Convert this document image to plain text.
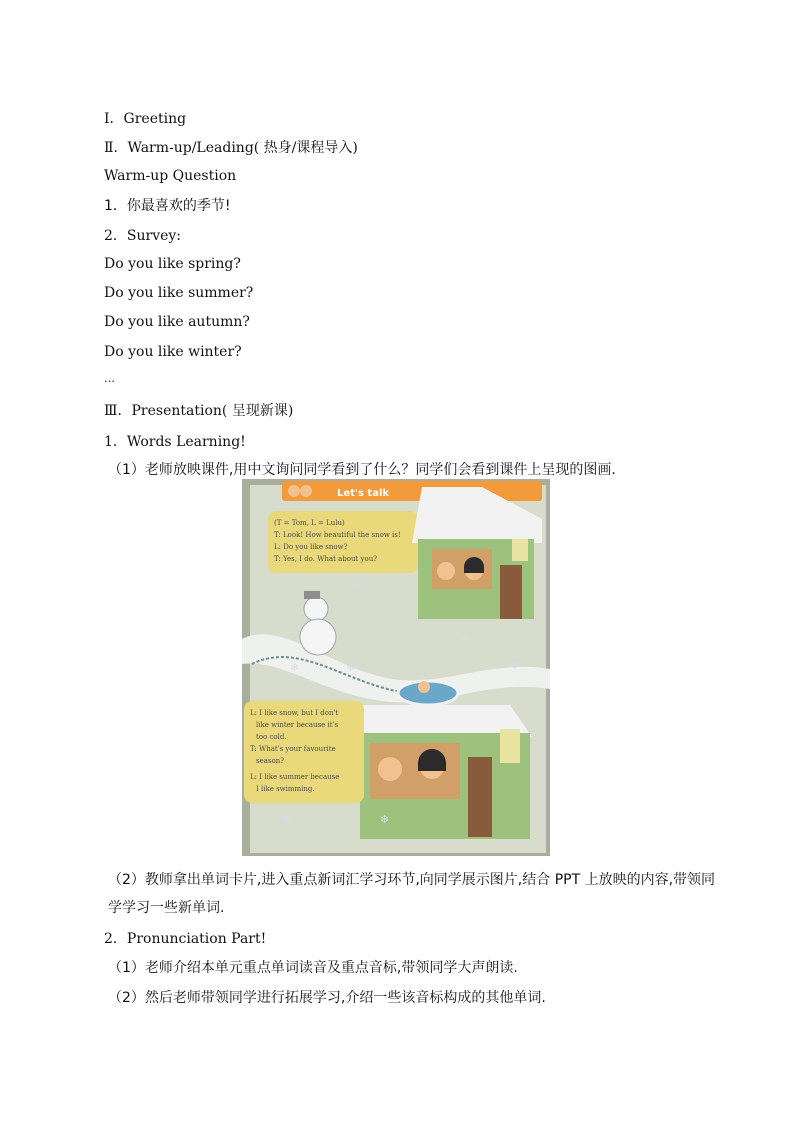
Ⅰ．Greeting
Ⅱ．Warm-up/Leading( 热身/课程导入)
Warm-up Question
1．你最喜欢的季节!
2．Survey:
Do you like spring?
Do you like summer?
Do you like autumn?
Do you like winter?
…
Ⅲ．Presentation( 呈现新课)
1．Words Learning!
（1）老师放映课件,用中文询问同学看到了什么？同学们会看到课件上呈现的图画.
Let's talk
(T = Tom, L = Lulu) T: Look! How beautiful the snow is! L: Do you like snow? T: Yes, I do. What about you?
❄
❄
❄	❄	❄
L: I like snow, but I don't like winter because it's too cold. T: What's your favourite season? L: I like summer because I like swimming.
❄	❄
（2）教师拿出单词卡片,进入重点新词汇学习环节,向同学展示图片,结合 PPT 上放映的内容,带领同学学习一些新单词.
2．Pronunciation Part!
（1）老师介绍本单元重点单词读音及重点音标,带领同学大声朗读.
（2）然后老师带领同学进行拓展学习,介绍一些该音标构成的其他单词.
